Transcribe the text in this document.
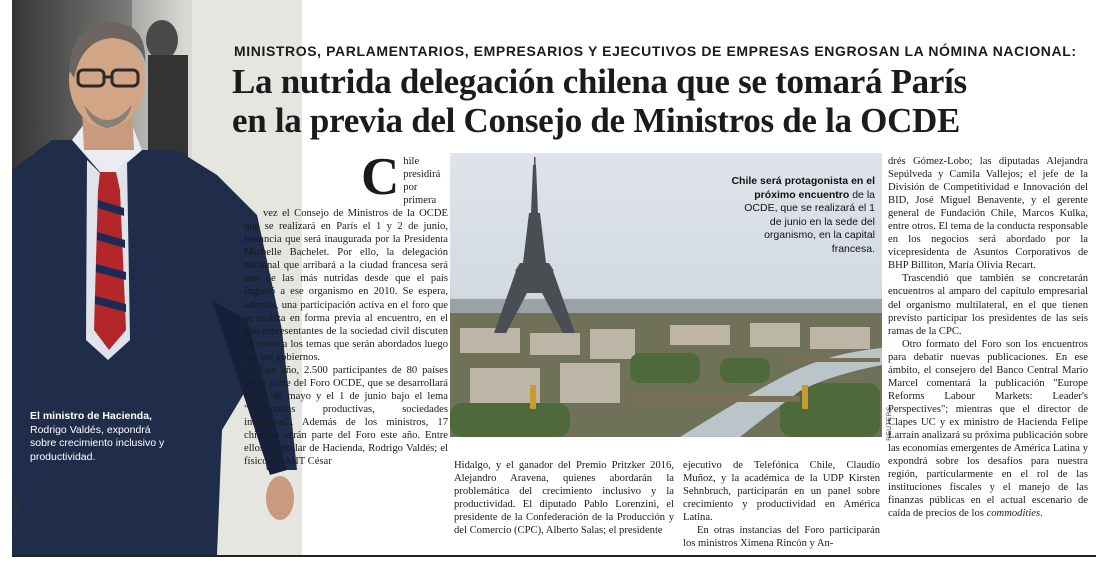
El ministro de Hacienda, Rodrigo Valdés, expondrá sobre crecimiento inclusivo y productividad.
ALEX MORENO
MINISTROS, PARLAMENTARIOS, EMPRESARIOS Y EJECUTIVOS DE EMPRESAS ENGROSAN LA NÓMINA NACIONAL:
La nutrida delegación chilena que se tomará París
en la previa del Consejo de Ministros de la OCDE

Chile presidirá por primera vez el Consejo de Ministros de la OCDE que se realizará en París el 1 y 2 de junio, instancia que será inaugurada por la Presidenta Michelle Bachelet. Por ello, la delegación nacional que arribará a la ciudad francesa será una de las más nutridas desde que el país ingresó a ese organismo en 2010. Se espera, además, una participación activa en el foro que se realiza en forma previa al encuentro, en el que representantes de la sociedad civil discuten en torno a los temas que serán abordados luego por los gobiernos.

Este año, 2.500 participantes de 80 países serán parte del Foro OCDE, que se desarrollará el 30 de mayo y el 1 de junio bajo el lema "Economías productivas, sociedades inclusivas". Además de los ministros, 17 chilenos serán parte del Foro este año. Entre ellos, el titular de Hacienda, Rodrigo Valdés; el físico del MIT César

Chile será protagonista en el próximo encuentro de la OCDE, que se realizará el 1 de junio en la sede del organismo, en la capital francesa.
REUTERS

Hidalgo, y el ganador del Premio Pritzker 2016, Alejandro Aravena, quienes abordarán la problemática del crecimiento inclusivo y la productividad. El diputado Pablo Lorenzini, el presidente de la Confederación de la Producción y del Comercio (CPC), Alberto Salas; el presidente

ejecutivo de Telefónica Chile, Claudio Muñoz, y la académica de la UDP Kirsten Sehnbruch, participarán en un panel sobre crecimiento y productividad en América Latina.

En otras instancias del Foro participarán los ministros Ximena Rincón y An-

drés Gómez-Lobo; las diputadas Alejandra Sepúlveda y Camila Vallejos; el jefe de la División de Competitividad e Innovación del BID, José Miguel Benavente, y el gerente general de Fundación Chile, Marcos Kulka, entre otros. El tema de la conducta responsable en los negocios será abordado por la vicepresidenta de Asuntos Corporativos de BHP Billiton, María Olivia Recart.

Trascendió que también se concretarán encuentros al amparo del capítulo empresarial del organismo multilateral, en el que tienen previsto participar los presidentes de las seis ramas de la CPC.

Otro formato del Foro son los encuentros para debatir nuevas publicaciones. En ese ámbito, el consejero del Banco Central Mario Marcel comentará la publicación "Europe Reforms Labour Markets: Leader's Perspectives"; mientras que el director de Clapes UC y ex ministro de Hacienda Felipe Larraín analizará su próxima publicación sobre las economías emergentes de América Latina y expondrá sobre los desafíos para nuestra región, particularmente en el rol de las instituciones fiscales y el manejo de las finanzas públicas en el actual escenario de caída de precios de los commodities.
